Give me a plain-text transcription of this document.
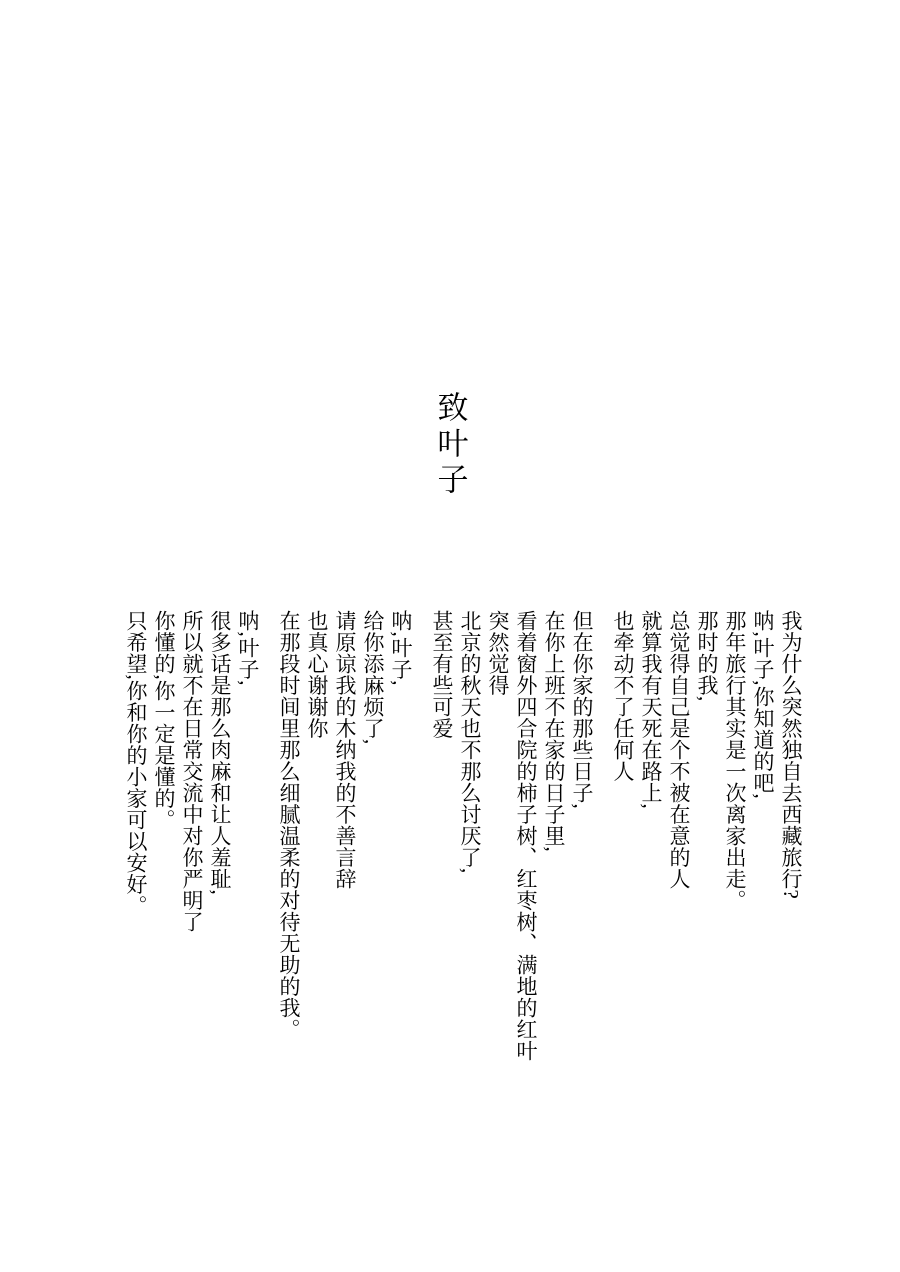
致叶子
我为什么突然独自去西藏旅行?
呐,叶子,你知道的吧,
那年旅行其实是一次离家出走。
那时的我,
总觉得自己是个不被在意的人
就算我有天死在路上,
也牵动不了任何人
但在你家的那些日子,
在你上班不在家的日子里,
看着窗外四合院的柿子树、红枣树、满地的红叶
突然觉得
北京的秋天也不那么讨厌了,
甚至有些可爱
呐,叶子,
给你添麻烦了,
请原谅我的木纳我的不善言辞
也真心谢谢你
在那段时间里那么细腻温柔的对待无助的我。
呐,叶子,
很多话是那么肉麻和让人羞耻,
所以就不在日常交流中对你严明了
你懂的,你一定是懂的。
只希望,你和你的小家可以安好。
